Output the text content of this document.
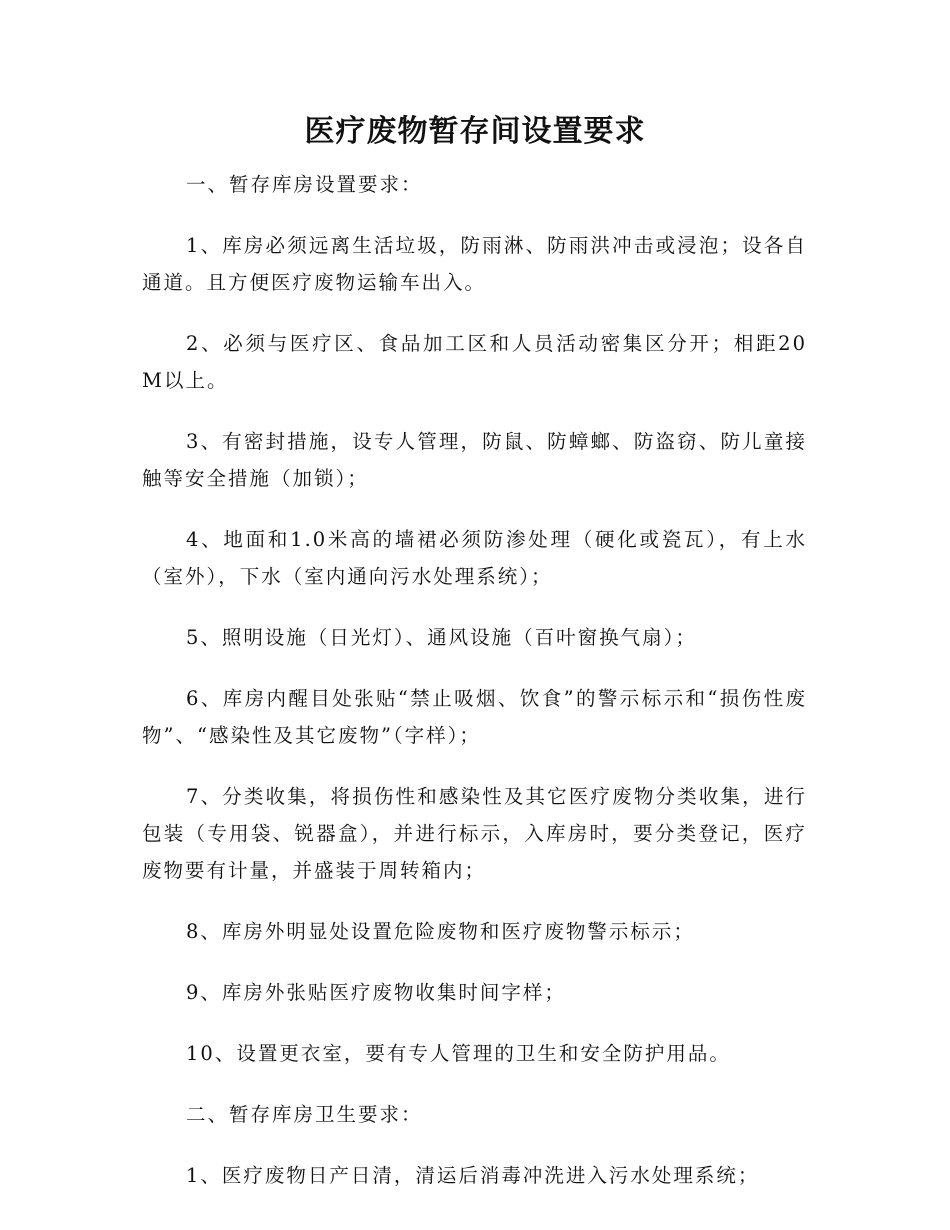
医疗废物暂存间设置要求

一、暂存库房设置要求：

1、库房必须远离生活垃圾，防雨淋、防雨洪冲击或浸泡；设各自通道。且方便医疗废物运输车出入。

2、必须与医疗区、食品加工区和人员活动密集区分开；相距20M以上。

3、有密封措施，设专人管理，防鼠、防蟑螂、防盗窃、防儿童接触等安全措施（加锁）；

4、地面和1.0米高的墙裙必须防渗处理（硬化或瓷瓦），有上水（室外），下水（室内通向污水处理系统）；

5、照明设施（日光灯）、通风设施（百叶窗换气扇）；

6、库房内醒目处张贴“禁止吸烟、饮食”的警示标示和“损伤性废物”、“感染性及其它废物”（字样）；

7、分类收集，将损伤性和感染性及其它医疗废物分类收集，进行包装（专用袋、锐器盒），并进行标示，入库房时，要分类登记，医疗废物要有计量，并盛装于周转箱内；

8、库房外明显处设置危险废物和医疗废物警示标示；

9、库房外张贴医疗废物收集时间字样；

10、设置更衣室，要有专人管理的卫生和安全防护用品。

二、暂存库房卫生要求：

1、医疗废物日产日清，清运后消毒冲洗进入污水处理系统；
